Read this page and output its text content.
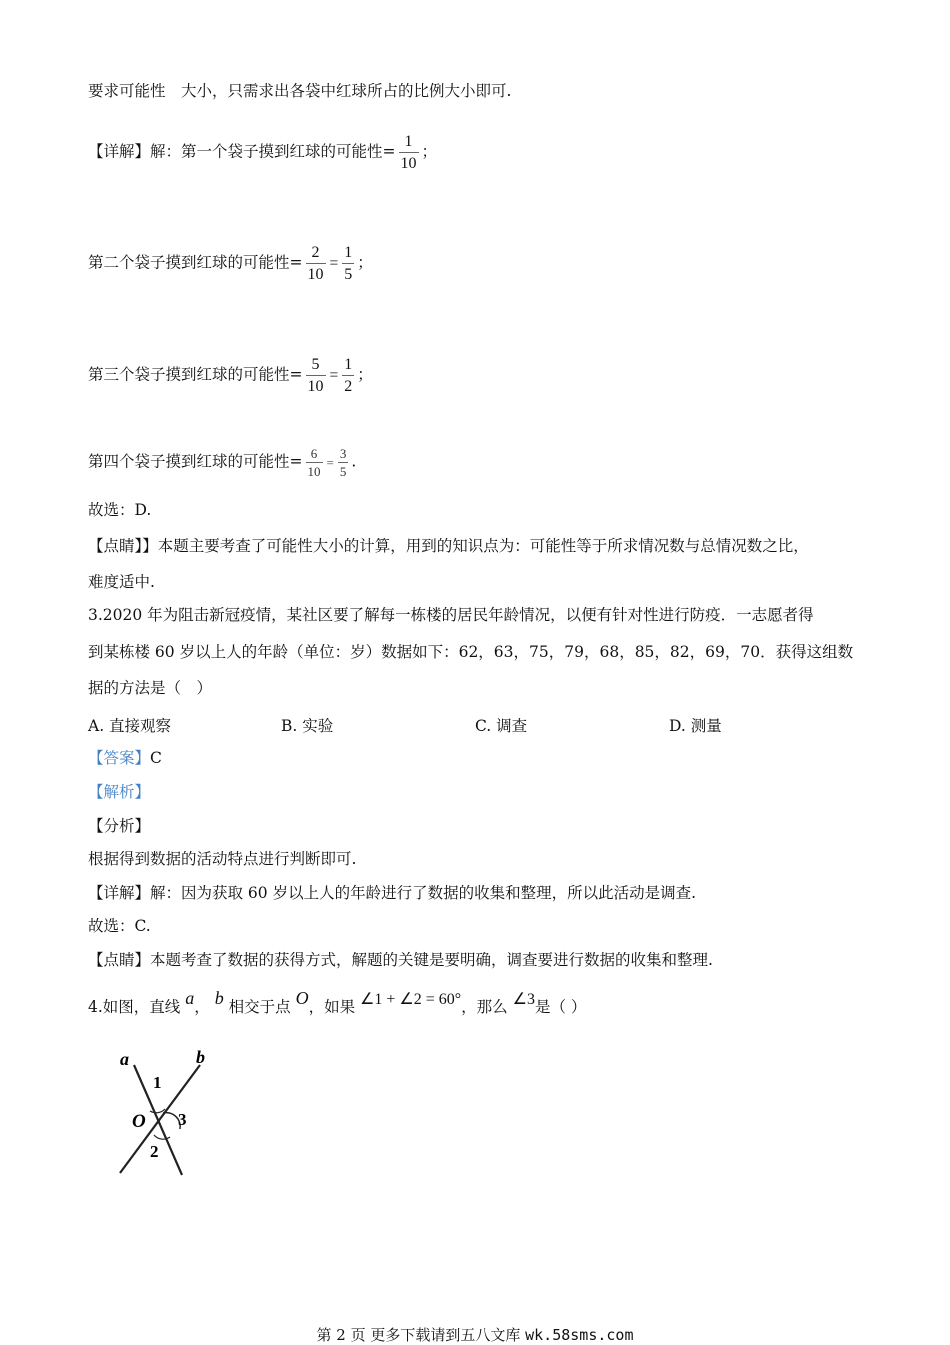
要求可能性　大小，只需求出各袋中红球所占的比例大小即可.
【详解】解：第一个袋子摸到红球的可能性= $\frac{1}{10}$ ；
第二个袋子摸到红球的可能性= $\frac{2}{10} = \frac{1}{5}$ ；
第三个袋子摸到红球的可能性= $\frac{5}{10} = \frac{1}{2}$ ；
第四个袋子摸到红球的可能性= $\frac{6}{10} = \frac{3}{5}$ .
故选：D.
【点睛】】本题主要考查了可能性大小的计算，用到的知识点为：可能性等于所求情况数与总情况数之比，
难度适中.
3.2020 年为阻击新冠疫情，某社区要了解每一栋楼的居民年龄情况，以便有针对性进行防疫．一志愿者得
到某栋楼 60 岁以上人的年龄（单位：岁）数据如下：62，63，75，79，68，85，82，69，70．获得这组数
据的方法是（　）
A. 直接观察	B. 实验	C. 调查	D. 测量
【答案】C
【解析】
【分析】
根据得到数据的活动特点进行判断即可.
【详解】解：因为获取 60 岁以上人的年龄进行了数据的收集和整理，所以此活动是调查.
故选：C.
【点睛】本题考查了数据的获得方式，解题的关键是要明确，调查要进行数据的收集和整理.
4.如图，直线 a， b 相交于点 O，如果 ∠1 + ∠2 = 60°，那么 ∠3是（ ）
a	b
1
3
O
2
第 2 页 更多下载请到五八文库 wk.58sms.com
